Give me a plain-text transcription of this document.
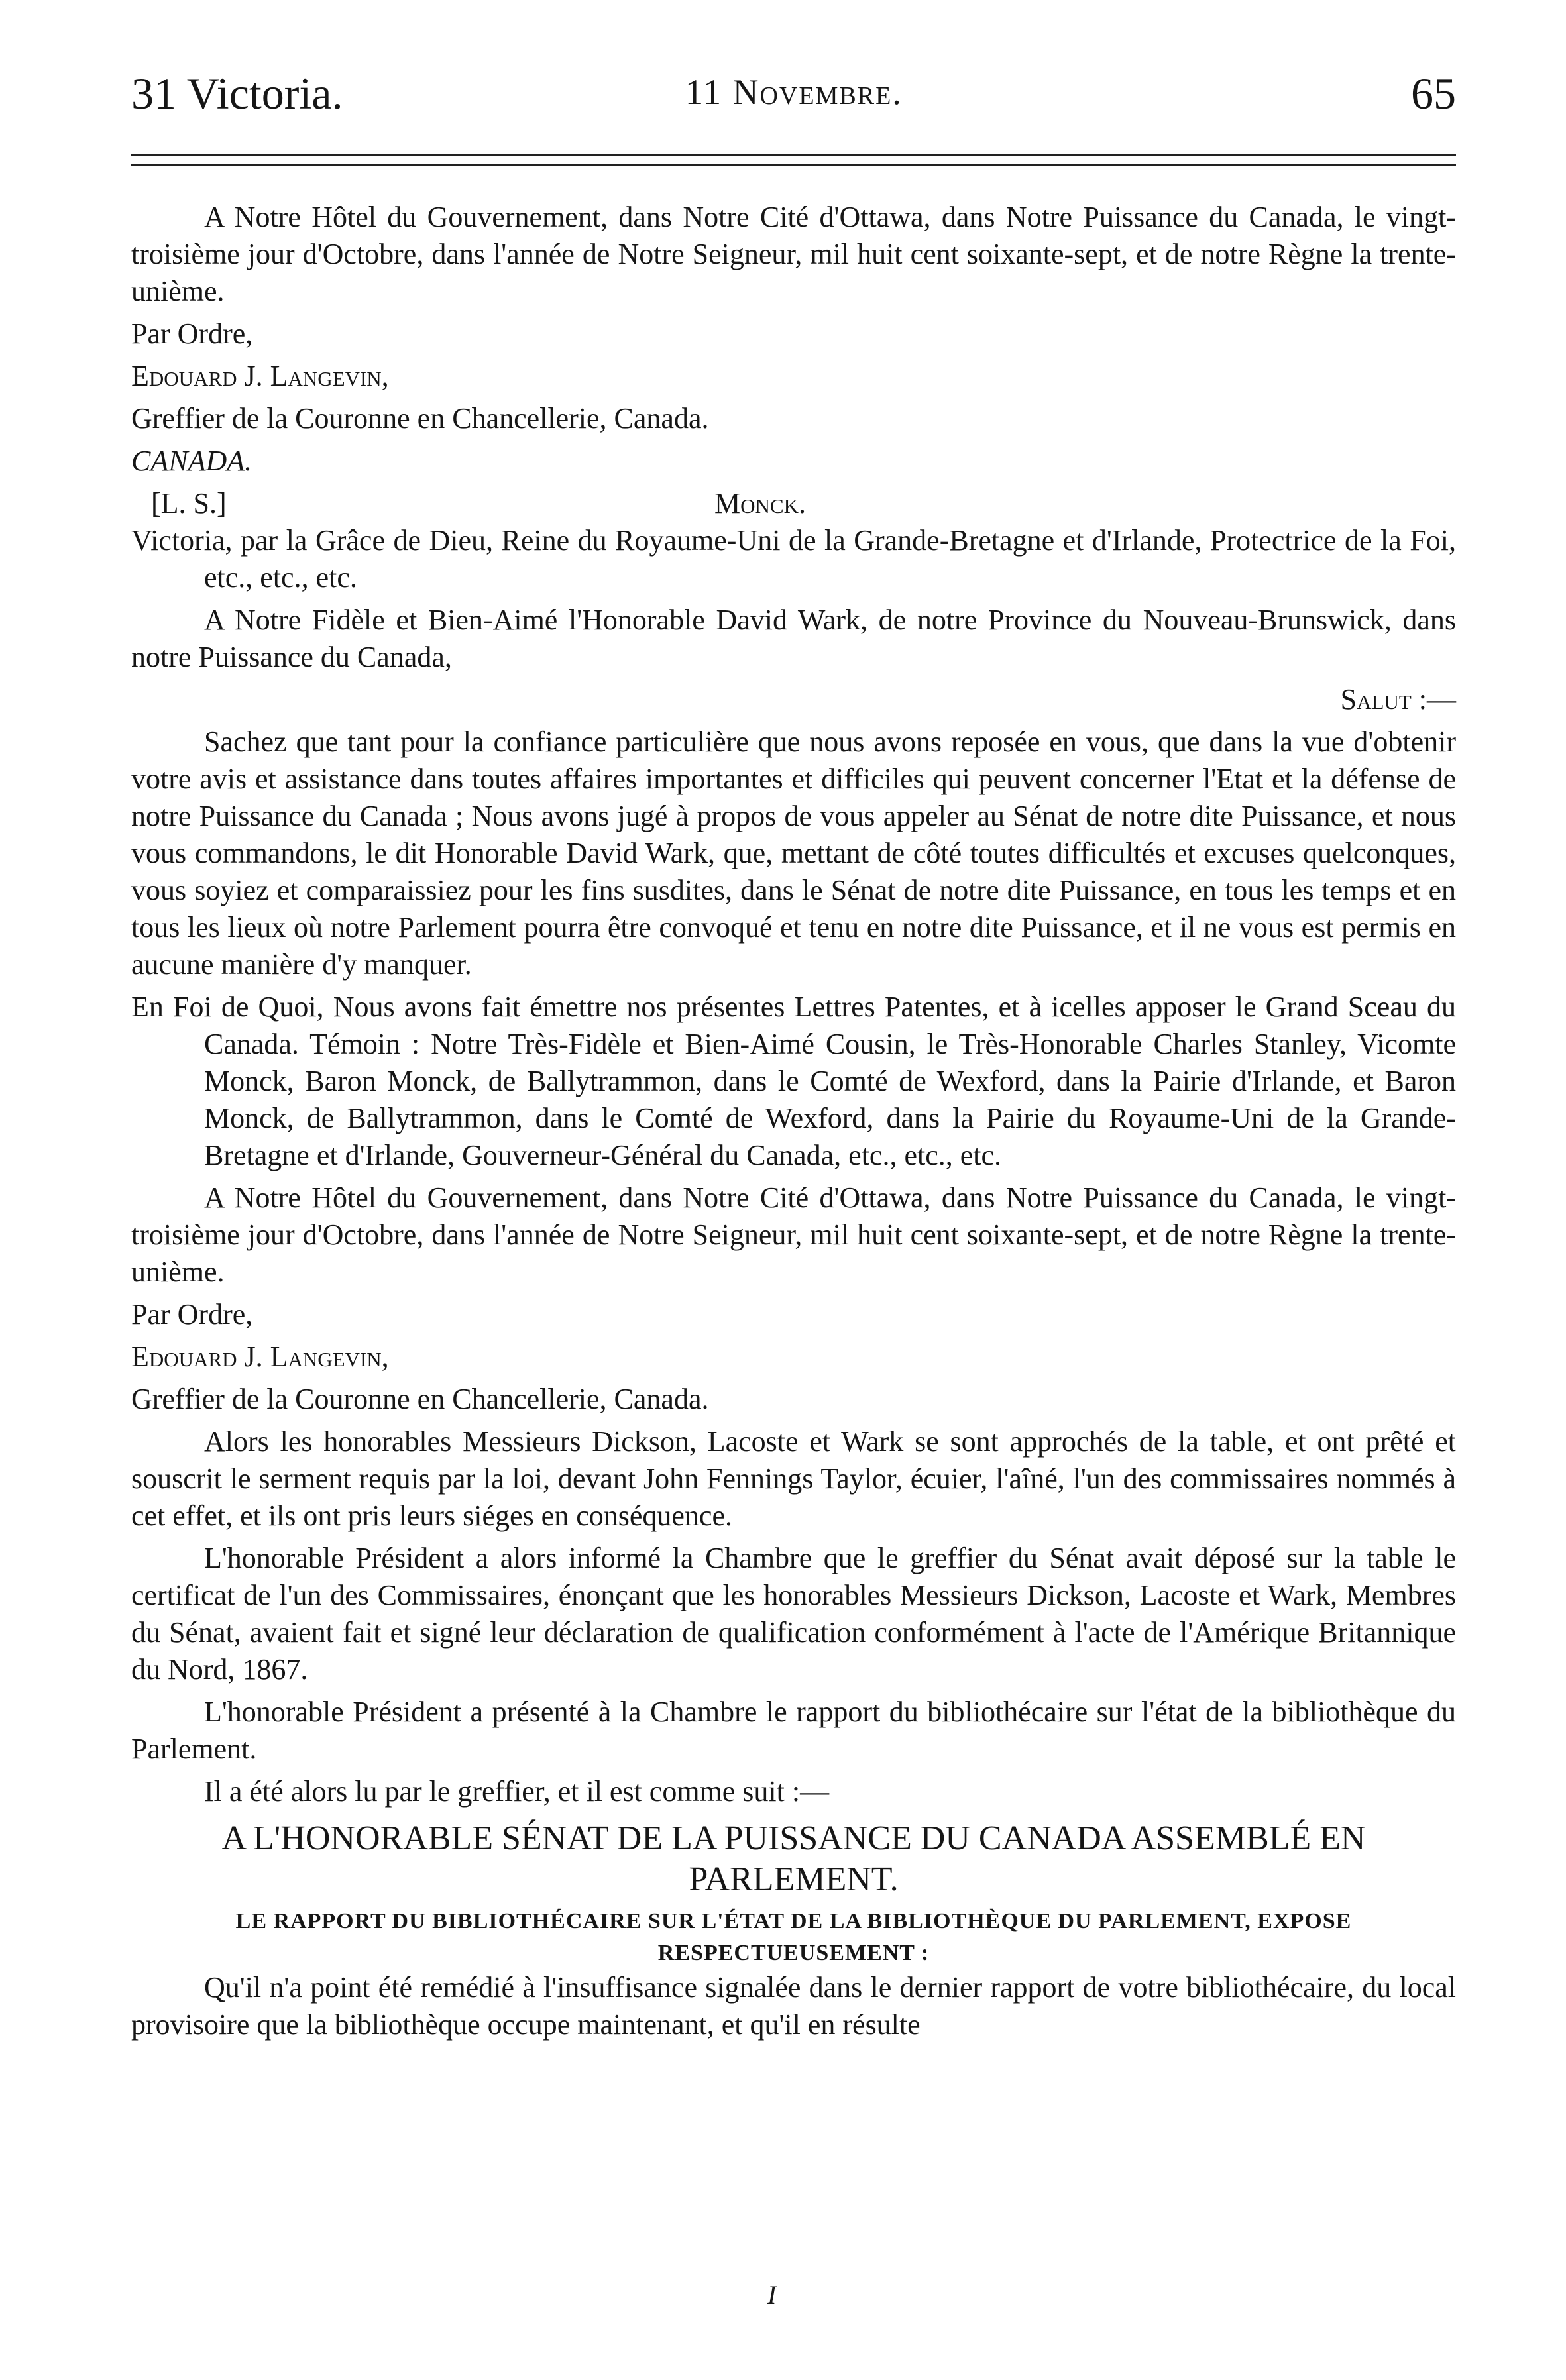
31 Victoria.	11 Novembre.	65

A Notre Hôtel du Gouvernement, dans Notre Cité d'Ottawa, dans Notre Puissance du Canada, le vingt-troisième jour d'Octobre, dans l'année de Notre Seigneur, mil huit cent soixante-sept, et de notre Règne la trente-unième.

Par Ordre,

Edouard J. Langevin,

Greffier de la Couronne en Chancellerie, Canada.

CANADA.

[L. S.]	Monck.

Victoria, par la Grâce de Dieu, Reine du Royaume-Uni de la Grande-Bretagne et d'Irlande, Protectrice de la Foi, etc., etc., etc.

A Notre Fidèle et Bien-Aimé l'Honorable David Wark, de notre Province du Nouveau-Brunswick, dans notre Puissance du Canada,

Salut :—

Sachez que tant pour la confiance particulière que nous avons reposée en vous, que dans la vue d'obtenir votre avis et assistance dans toutes affaires importantes et difficiles qui peuvent concerner l'Etat et la défense de notre Puissance du Canada ; Nous avons jugé à propos de vous appeler au Sénat de notre dite Puissance, et nous vous commandons, le dit Honorable David Wark, que, mettant de côté toutes difficultés et excuses quelconques, vous soyiez et comparaissiez pour les fins susdites, dans le Sénat de notre dite Puissance, en tous les temps et en tous les lieux où notre Parlement pourra être convoqué et tenu en notre dite Puissance, et il ne vous est permis en aucune manière d'y manquer.

En Foi de Quoi, Nous avons fait émettre nos présentes Lettres Patentes, et à icelles apposer le Grand Sceau du Canada. Témoin : Notre Très-Fidèle et Bien-Aimé Cousin, le Très-Honorable Charles Stanley, Vicomte Monck, Baron Monck, de Ballytrammon, dans le Comté de Wexford, dans la Pairie d'Irlande, et Baron Monck, de Ballytrammon, dans le Comté de Wexford, dans la Pairie du Royaume-Uni de la Grande-Bretagne et d'Irlande, Gouverneur-Général du Canada, etc., etc., etc.

A Notre Hôtel du Gouvernement, dans Notre Cité d'Ottawa, dans Notre Puissance du Canada, le vingt-troisième jour d'Octobre, dans l'année de Notre Seigneur, mil huit cent soixante-sept, et de notre Règne la trente-unième.

Par Ordre,

Edouard J. Langevin,

Greffier de la Couronne en Chancellerie, Canada.

Alors les honorables Messieurs Dickson, Lacoste et Wark se sont approchés de la table, et ont prêté et souscrit le serment requis par la loi, devant John Fennings Taylor, écuier, l'aîné, l'un des commissaires nommés à cet effet, et ils ont pris leurs siéges en conséquence.

L'honorable Président a alors informé la Chambre que le greffier du Sénat avait déposé sur la table le certificat de l'un des Commissaires, énonçant que les honorables Messieurs Dickson, Lacoste et Wark, Membres du Sénat, avaient fait et signé leur déclaration de qualification conformément à l'acte de l'Amérique Britannique du Nord, 1867.

L'honorable Président a présenté à la Chambre le rapport du bibliothécaire sur l'état de la bibliothèque du Parlement.

Il a été alors lu par le greffier, et il est comme suit :—

A L'HONORABLE SÉNAT DE LA PUISSANCE DU CANADA ASSEMBLÉ EN PARLEMENT.
LE RAPPORT DU BIBLIOTHÉCAIRE SUR L'ÉTAT DE LA BIBLIOTHÈQUE DU PARLEMENT, EXPOSE RESPECTUEUSEMENT :

Qu'il n'a point été remédié à l'insuffisance signalée dans le dernier rapport de votre bibliothécaire, du local provisoire que la bibliothèque occupe maintenant, et qu'il en résulte

I
